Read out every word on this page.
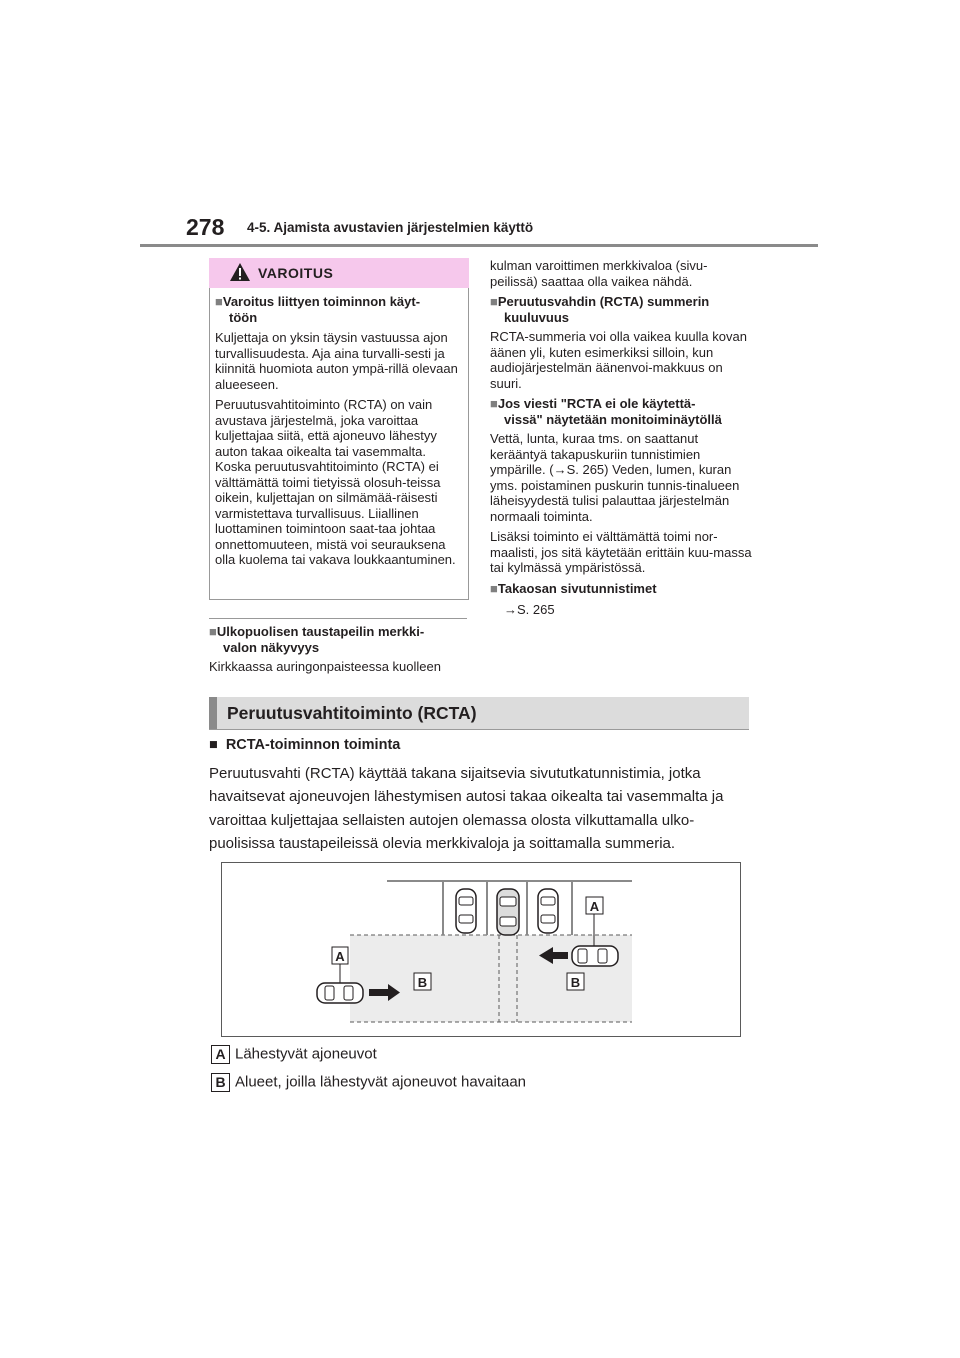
278 4-5. Ajamista avustavien järjestelmien käyttö
VAROITUS

■Varoitus liittyen toiminnon käyt-

töön

Kuljettaja on yksin täysin vastuussa ajon turvallisuudesta. Aja aina turvalli-sesti ja kiinnitä huomiota auton ympä-rillä olevaan alueeseen.

Peruutusvahtitoiminto (RCTA) on vain avustava järjestelmä, joka varoittaa kuljettajaa siitä, että ajoneuvo lähestyy auton takaa oikealta tai vasemmalta. Koska peruutusvahtitoiminto (RCTA) ei välttämättä toimi tietyissä olosuh-teissa oikein, kuljettajan on silmämää-räisesti varmistettava turvallisuus. Liiallinen luottaminen toimintoon saat-taa johtaa onnettomuuteen, mistä voi seurauksena olla kuolema tai vakava loukkaantuminen.

■Ulkopuolisen taustapeilin merkki-

valon näkyvyys

Kirkkaassa auringonpaisteessa kuolleen

kulman varoittimen merkkivaloa (sivu-peilissä) saattaa olla vaikea nähdä.

■Peruutusvahdin (RCTA) summerin

kuuluvuus

RCTA-summeria voi olla vaikea kuulla kovan äänen yli, kuten esimerkiksi silloin, kun audiojärjestelmän äänenvoi-makkuus on suuri.

■Jos viesti "RCTA ei ole käytettä-

vissä" näytetään monitoiminäytöllä

Vettä, lunta, kuraa tms. on saattanut kerääntyä takapuskuriin tunnistimien ympärille. (→S. 265) Veden, lumen, kuran yms. poistaminen puskurin tunnis-tinalueen läheisyydestä tulisi palauttaa järjestelmän normaali toiminta.

Lisäksi toiminto ei välttämättä toimi nor-maalisti, jos sitä käytetään erittäin kuu-massa tai kylmässä ympäristössä.

■Takaosan sivutunnistimet

→S. 265

Peruutusvahtitoiminto (RCTA)
■ RCTA-toiminnon toiminta
Peruutusvahti (RCTA) käyttää takana sijaitsevia sivututkatunnistimia, jotka havaitsevat ajoneuvojen lähestymisen autosi takaa oikealta tai vasemmalta ja varoittaa kuljettajaa sellaisten autojen olemassa olosta vilkuttamalla ulko-puolisissa taustapeileissä olevia merkkivaloja ja soittamalla summeria.
A
A
B	B
A Lähestyvät ajoneuvot
B Alueet, joilla lähestyvät ajoneuvot havaitaan
